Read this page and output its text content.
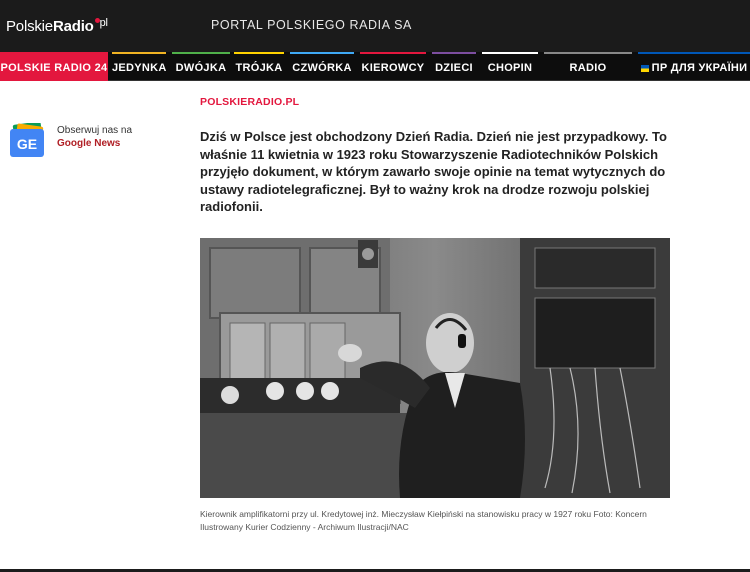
PolskieRadio $^{pl}$	PORTAL POLSKIEGO RADIA SA
POLSKIE RADIO 24 JEDYNKA DWÓJKA TRÓJKA CZWÓRKA KIEROWCY DZIECI	CHOPIN	RADIO POLAND
ПР ДЛЯ УКРАЇНИ
GE
Obserwuj nas na
Google News
POLSKIERADIO.PL

Dziś w Polsce jest obchodzony Dzień Radia. Dzień nie jest przypadkowy. To właśnie 11 kwietnia w 1923 roku Stowarzyszenie Radiotechników Polskich przyjęło dokument, w którym zawarło swoje opinie na temat wytycznych do ustawy radiotelegraficznej. Był to ważny krok na drodze rozwoju polskiej radiofonii.

Kierownik amplifikatorni przy ul. Kredytowej inż. Mieczysław Kiełpiński na stanowisku pracy w 1927 roku Foto: Koncern Ilustrowany Kurier Codzienny - Archiwum Ilustracji/NAC
